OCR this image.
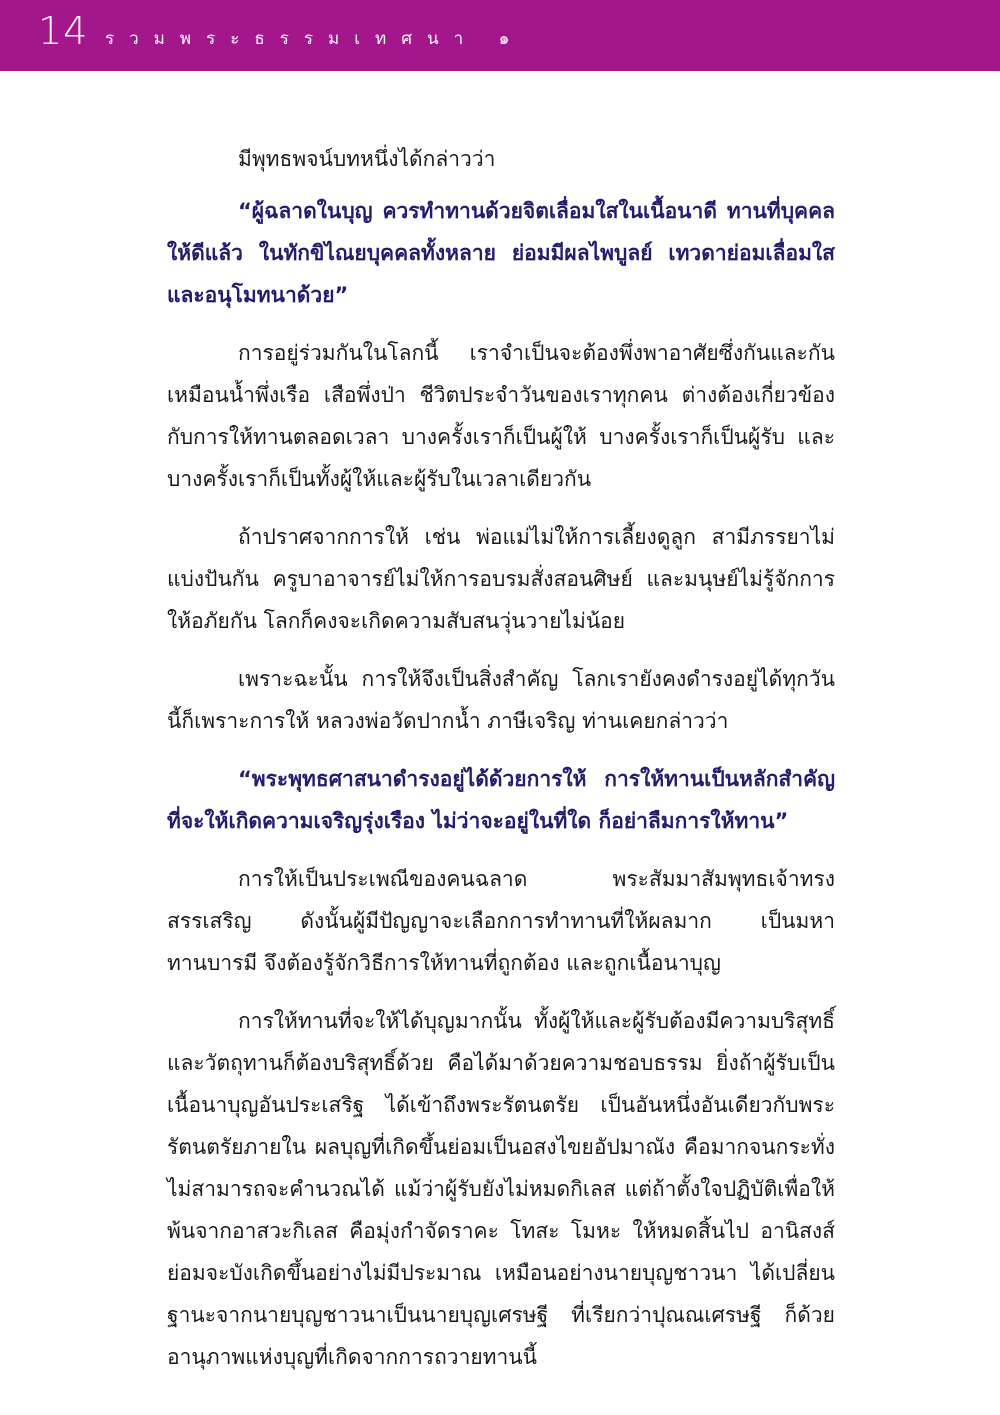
14 รวมพระธรรมเทศนา ๑

มีพุทธพจน์บทหนึ่งได้กล่าวว่า

“ผู้ฉลาดในบุญ ควรทำทานด้วยจิตเลื่อมใสในเนื้อนาดี ทานที่บุคคลให้ดีแล้ว ในทักขิไณยบุคคลทั้งหลาย ย่อมมีผลไพบูลย์ เทวดาย่อมเลื่อมใส และอนุโมทนาด้วย”

การอยู่ร่วมกันในโลกนี้ เราจำเป็นจะต้องพึ่งพาอาศัยซึ่งกันและกัน เหมือนน้ำพึ่งเรือ เสือพึ่งป่า ชีวิตประจำวันของเราทุกคน ต่างต้องเกี่ยวข้องกับการให้ทานตลอดเวลา บางครั้งเราก็เป็นผู้ให้ บางครั้งเราก็เป็นผู้รับ และบางครั้งเราก็เป็นทั้งผู้ให้และผู้รับในเวลาเดียวกัน

ถ้าปราศจากการให้ เช่น พ่อแม่ไม่ให้การเลี้ยงดูลูก สามีภรรยาไม่แบ่งปันกัน ครูบาอาจารย์ไม่ให้การอบรมสั่งสอนศิษย์ และมนุษย์ไม่รู้จักการให้อภัยกัน โลกก็คงจะเกิดความสับสนวุ่นวายไม่น้อย

เพราะฉะนั้น การให้จึงเป็นสิ่งสำคัญ โลกเรายังคงดำรงอยู่ได้ทุกวันนี้ก็เพราะการให้ หลวงพ่อวัดปากน้ำ ภาษีเจริญ ท่านเคยกล่าวว่า

“พระพุทธศาสนาดำรงอยู่ได้ด้วยการให้ การให้ทานเป็นหลักสำคัญที่จะให้เกิดความเจริญรุ่งเรือง ไม่ว่าจะอยู่ในที่ใด ก็อย่าลืมการให้ทาน”

การให้เป็นประเพณีของคนฉลาด พระสัมมาสัมพุทธเจ้าทรงสรรเสริญ ดังนั้นผู้มีปัญญาจะเลือกการทำทานที่ให้ผลมาก เป็นมหาทานบารมี จึงต้องรู้จักวิธีการให้ทานที่ถูกต้อง และถูกเนื้อนาบุญ

การให้ทานที่จะให้ได้บุญมากนั้น ทั้งผู้ให้และผู้รับต้องมีความบริสุทธิ์ และวัตถุทานก็ต้องบริสุทธิ์ด้วย คือได้มาด้วยความชอบธรรม ยิ่งถ้าผู้รับเป็นเนื้อนาบุญอันประเสริฐ ได้เข้าถึงพระรัตนตรัย เป็นอันหนึ่งอันเดียวกับพระรัตนตรัยภายใน ผลบุญที่เกิดขึ้นย่อมเป็นอสงไขยอัปมาณัง คือมากจนกระทั่งไม่สามารถจะคำนวณได้ แม้ว่าผู้รับยังไม่หมดกิเลส แต่ถ้าตั้งใจปฏิบัติเพื่อให้พ้นจากอาสวะกิเลส คือมุ่งกำจัดราคะ โทสะ โมหะ ให้หมดสิ้นไป อานิสงส์ย่อมจะบังเกิดขึ้นอย่างไม่มีประมาณ เหมือนอย่างนายบุญชาวนา ได้เปลี่ยนฐานะจากนายบุญชาวนาเป็นนายบุญเศรษฐี ที่เรียกว่าปุณณเศรษฐี ก็ด้วยอานุภาพแห่งบุญที่เกิดจากการถวายทานนี้
